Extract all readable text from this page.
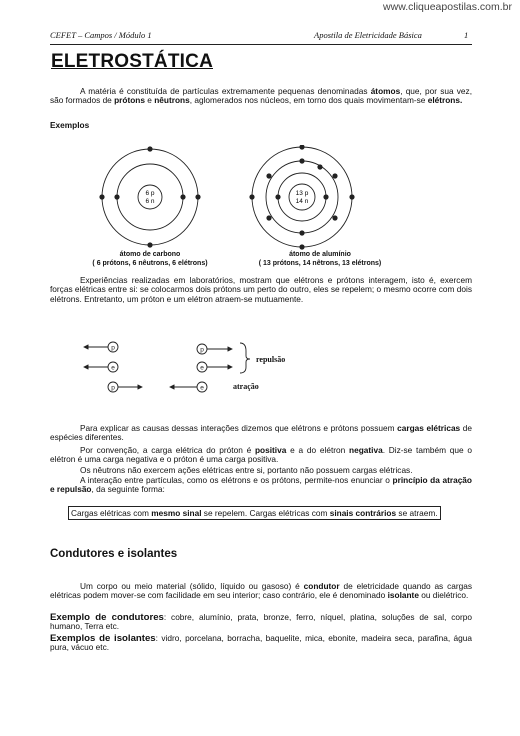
www.cliqueapostilas.com.br
CEFET – Campos / Módulo 1	Apostila de Eletricidade Básica	1
ELETROSTÁTICA
A matéria é constituída de partículas extremamente pequenas denominadas átomos, que, por sua vez, são formados de prótons e nêutrons, aglomerados nos núcleos, em torno dos quais movimentam-se elétrons.
Exemplos
6 p
6 n
13 p
14 n
átomo de carbono
( 6 prótons, 6 nêutrons, 6 elétrons)
átomo de alumínio
( 13 prótons, 14 nêtrons, 13 elétrons)
Experiências realizadas em laboratórios, mostram que elétrons e prótons interagem, isto é, exercem forças elétricas entre si: se colocarmos dois prótons um perto do outro, eles se repelem; o mesmo ocorre com dois elétrons. Entretanto, um próton e um elétron atraem-se mutuamente.
p
e
p
p
e
e
repulsão
atração
Para explicar as causas dessas interações dizemos que elétrons e prótons possuem cargas elétricas de espécies diferentes.
Por convenção, a carga elétrica do próton é positiva e a do elétron negativa. Diz-se também que o elétron é uma carga negativa e o próton é uma carga positiva.
Os nêutrons não exercem ações elétricas entre si, portanto não possuem cargas elétricas.
A interação entre partículas, como os elétrons e os prótons, permite-nos enunciar o princípio da atração e repulsão, da seguinte forma:
Cargas elétricas com mesmo sinal se repelem. Cargas elétricas com sinais contrários se atraem.
Condutores e isolantes
Um corpo ou meio material (sólido, líquido ou gasoso) é condutor de eletricidade quando as cargas elétricas podem mover-se com facilidade em seu interior; caso contrário, ele é denominado isolante ou dielétrico.
Exemplo de condutores: cobre, alumínio, prata, bronze, ferro, níquel, platina, soluções de sal, corpo humano, Terra etc.
Exemplos de isolantes: vidro, porcelana, borracha, baquelite, mica, ebonite, madeira seca, parafina, água pura, vácuo etc.
